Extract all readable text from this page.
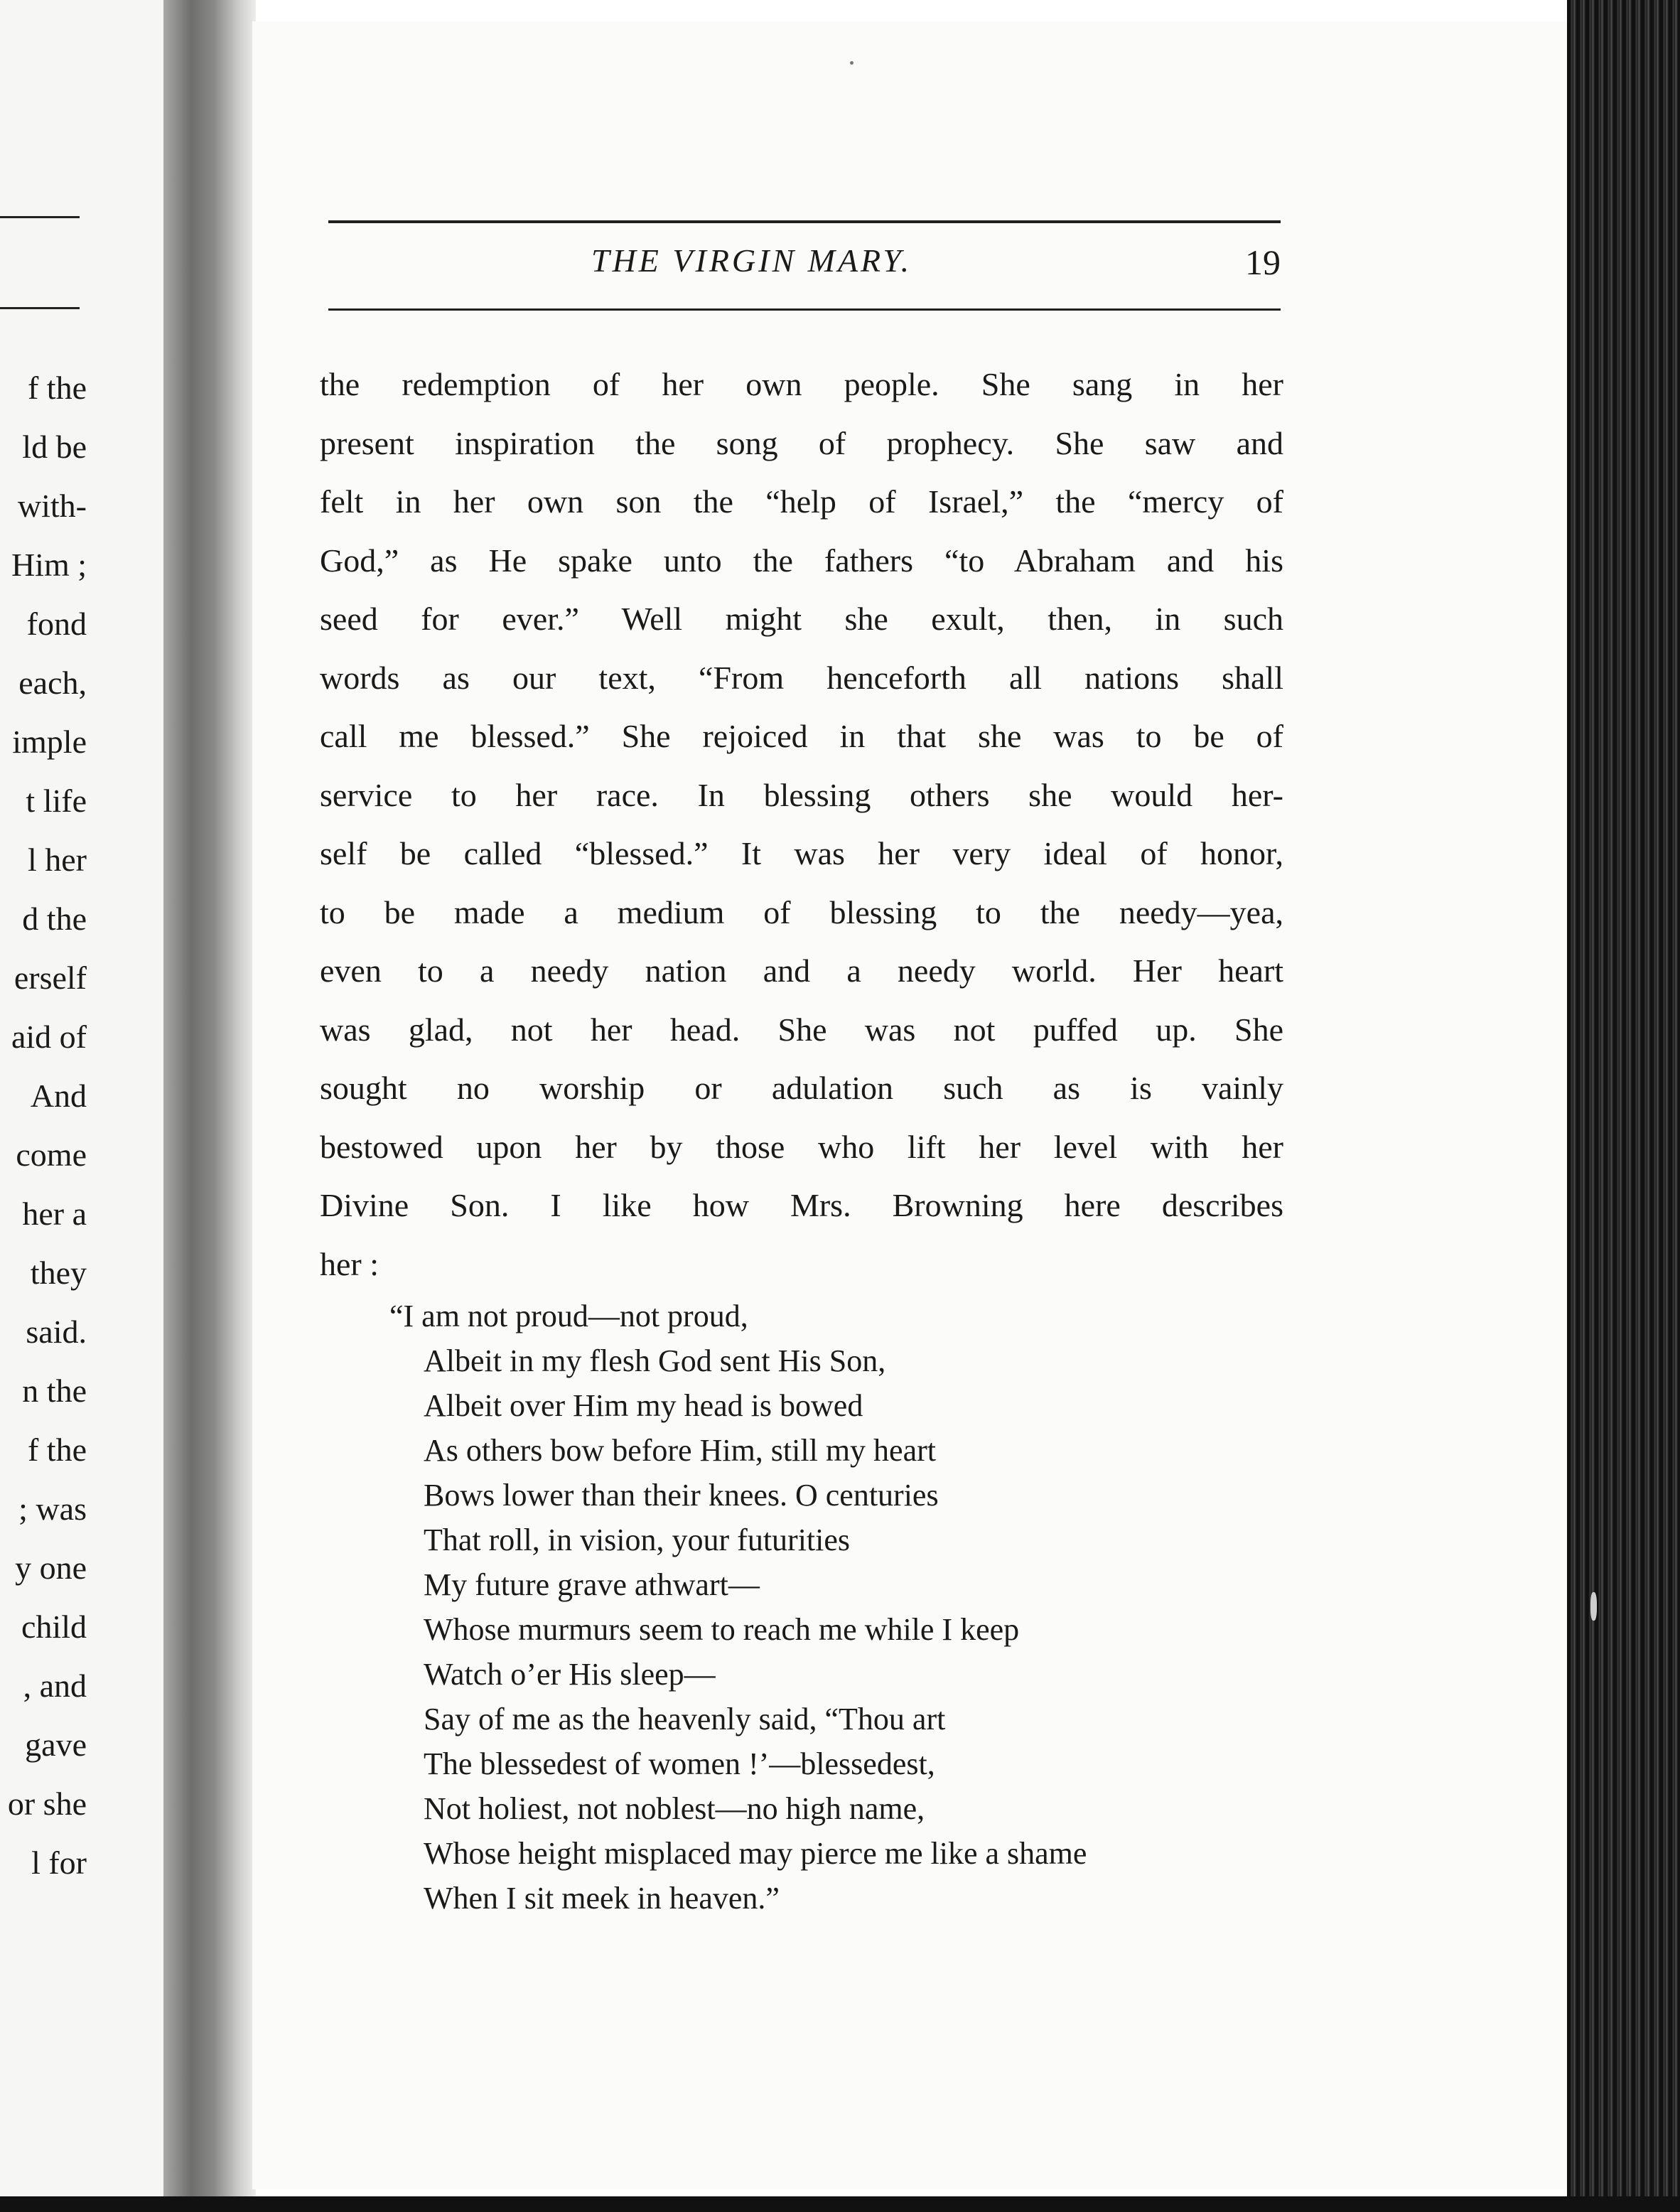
f the
ld be
with-
Him ;
fond
each,
imple
t life
l her
d the
erself
aid of
And
come
her a
they
said.
n the
f the
; was
y one
child
, and
gave
or she
l for
THE VIRGIN MARY.	19
the redemption of her own people. She sang in her
present inspiration the song of prophecy. She saw and
felt in her own son the “help of Israel,” the “mercy of
God,” as He spake unto the fathers “to Abraham and his
seed for ever.” Well might she exult, then, in such
words as our text, “From henceforth all nations shall
call me blessed.” She rejoiced in that she was to be of
service to her race. In blessing others she would her-
self be called “blessed.” It was her very ideal of honor,
to be made a medium of blessing to the needy—yea,
even to a needy nation and a needy world. Her heart
was glad, not her head. She was not puffed up. She
sought no worship or adulation such as is vainly
bestowed upon her by those who lift her level with her
Divine Son. I like how Mrs. Browning here describes
her :
“I am not proud—not proud,
Albeit in my flesh God sent His Son,
Albeit over Him my head is bowed
As others bow before Him, still my heart
Bows lower than their knees. O centuries
That roll, in vision, your futurities
My future grave athwart—
Whose murmurs seem to reach me while I keep
Watch o’er His sleep—
Say of me as the heavenly said, “Thou art
The blessedest of women !’—blessedest,
Not holiest, not noblest—no high name,
Whose height misplaced may pierce me like a shame
When I sit meek in heaven.”
